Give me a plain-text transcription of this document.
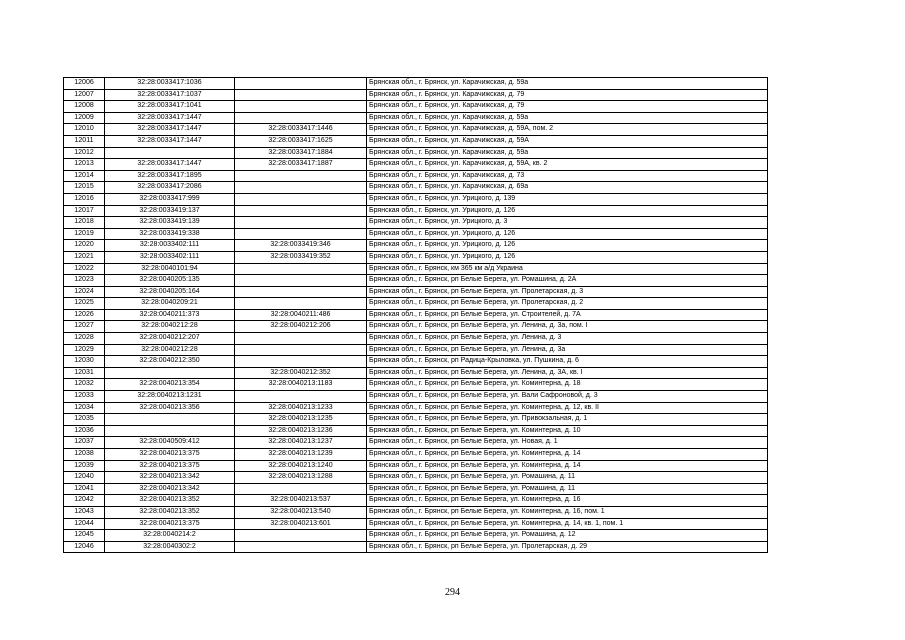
12006	32:28:0033417:1036		Брянская обл., г. Брянск, ул. Карачижская, д. 59а
12007	32:28:0033417:1037		Брянская обл., г. Брянск, ул. Карачижская, д. 79
12008	32:28:0033417:1041		Брянская обл., г. Брянск, ул. Карачижская, д. 79
12009	32:28:0033417:1447		Брянская обл., г. Брянск, ул. Карачижская, д. 59а
12010	32:28:0033417:1447	32:28:0033417:1446	Брянская обл., г. Брянск, ул. Карачижская, д. 59А, пом. 2
12011	32:28:0033417:1447	32:28:0033417:1625	Брянская обл., г. Брянск, ул. Карачижская, д. 59А
12012		32:28:0033417:1884	Брянская обл., г. Брянск, ул. Карачижская, д. 59а
12013	32:28:0033417:1447	32:28:0033417:1887	Брянская обл., г. Брянск, ул. Карачижская, д. 59А, кв. 2
12014	32:28:0033417:1895		Брянская обл., г. Брянск, ул. Карачижская, д. 73
12015	32:28:0033417:2086		Брянская обл., г. Брянск, ул. Карачижская, д. 69а
12016	32:28:0033417:999		Брянская обл., г. Брянск, ул. Урицкого, д. 139
12017	32:28:0033419:137		Брянская обл., г. Брянск, ул. Урицкого, д. 126
12018	32:28:0033419:139		Брянская обл., г. Брянск, ул. Урицкого, д. 3
12019	32:28:0033419:338		Брянская обл., г. Брянск, ул. Урицкого, д. 126
12020	32:28:0033402:111	32:28:0033419:346	Брянская обл., г. Брянск, ул. Урицкого, д. 126
12021	32:28:0033402:111	32:28:0033419:352	Брянская обл., г. Брянск, ул. Урицкого, д. 126
12022	32:28:0040101:94		Брянская обл., г. Брянск, км 365 км а/д Украина
12023	32:28:0040205:135		Брянская обл., г. Брянск, рп Белые Берега, ул. Ромашина, д. 2А
12024	32:28:0040205:164		Брянская обл., г. Брянск, рп Белые Берега, ул. Пролетарская, д. 3
12025	32:28:0040209:21		Брянская обл., г. Брянск, рп Белые Берега, ул. Пролетарская, д. 2
12026	32:28:0040211:373	32:28:0040211:486	Брянская обл., г. Брянск, рп Белые Берега, ул. Строителей, д. 7А
12027	32:28:0040212:28	32:28:0040212:206	Брянская обл., г. Брянск, рп Белые Берега, ул. Ленина, д. 3а, пом. I
12028	32:28:0040212:207		Брянская обл., г. Брянск, рп Белые Берега, ул. Ленина, д. 3
12029	32:28:0040212:28		Брянская обл., г. Брянск, рп Белые Берега, ул. Ленина, д. 3а
12030	32:28:0040212:350		Брянская обл., г. Брянск, рп Радица-Крыловка, ул. Пушкина, д. 6
12031		32:28:0040212:352	Брянская обл., г. Брянск, рп Белые Берега, ул. Ленина, д. 3А, кв. I
12032	32:28:0040213:354	32:28:0040213:1183	Брянская обл., г. Брянск, рп Белые Берега, ул. Коминтерна, д. 18
12033	32:28:0040213:1231		Брянская обл., г. Брянск, рп Белые Берега, ул. Вали Сафроновой, д. 3
12034	32:28:0040213:356	32:28:0040213:1233	Брянская обл., г. Брянск, рп Белые Берега, ул. Коминтерна, д. 12, кв. II
12035		32:28:0040213:1235	Брянская обл., г. Брянск, рп Белые Берега, ул. Привокзальная, д. 1
12036		32:28:0040213:1236	Брянская обл., г. Брянск, рп Белые Берега, ул. Коминтерна, д. 10
12037	32:28:0040509:412	32:28:0040213:1237	Брянская обл., г. Брянск, рп Белые Берега, ул. Новая, д. 1
12038	32:28:0040213:375	32:28:0040213:1239	Брянская обл., г. Брянск, рп Белые Берега, ул. Коминтерна, д. 14
12039	32:28:0040213:375	32:28:0040213:1240	Брянская обл., г. Брянск, рп Белые Берега, ул. Коминтерна, д. 14
12040	32:28:0040213:342	32:28:0040213:1288	Брянская обл., г. Брянск, рп Белые Берега, ул. Ромашина, д. 11
12041	32:28:0040213:342		Брянская обл., г. Брянск, рп Белые Берега, ул. Ромашина, д. 11
12042	32:28:0040213:352	32:28:0040213:537	Брянская обл., г. Брянск, рп Белые Берега, ул. Коминтерна, д. 16
12043	32:28:0040213:352	32:28:0040213:540	Брянская обл., г. Брянск, рп Белые Берега, ул. Коминтерна, д. 16, пом. 1
12044	32:28:0040213:375	32:28:0040213:601	Брянская обл., г. Брянск, рп Белые Берега, ул. Коминтерна, д. 14, кв. 1, пом. 1
12045	32:28:0040214:2		Брянская обл., г. Брянск, рп Белые Берега, ул. Ромашина, д. 12
12046	32:28:0040302:2		Брянская обл., г. Брянск, рп Белые Берега, ул. Пролетарская, д. 29
294
